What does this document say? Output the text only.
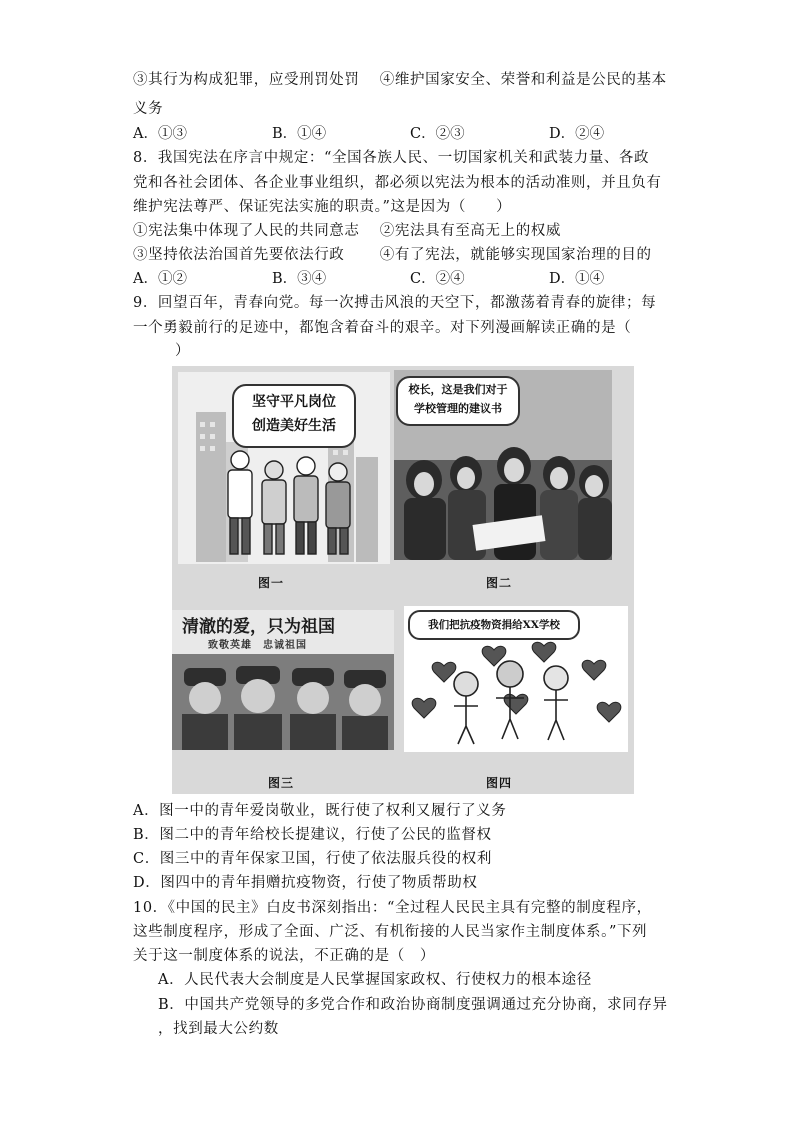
③其行为构成犯罪，应受刑罚处罚　 ④维护国家安全、荣誉和利益是公民的基本
义务
A．①③	B．①④	C．②③	D．②④
8．我国宪法在序言中规定：“全国各族人民、一切国家机关和武装力量、各政
党和各社会团体、各企业事业组织，都必须以宪法为根本的活动准则，并且负有
维护宪法尊严、保证宪法实施的职责。”这是因为（　　）
①宪法集中体现了人民的共同意志　 ②宪法具有至高无上的权威
③坚持依法治国首先要依法行政　　 ④有了宪法，就能够实现国家治理的目的
A．①②	B．③④	C．②④	D．①④
9．回望百年，青春向党。每一次搏击风浪的天空下，都激荡着青春的旋律；每
一个勇毅前行的足迹中，都饱含着奋斗的艰辛。对下列漫画解读正确的是（
）
坚守平凡岗位
创造美好生活
图一
校长，这是我们对于
学校管理的建议书
图二
清澈的爱，只为祖国
致敬英雄　忠诚祖国
图三
我们把抗疫物资捐给XX学校
图四
A．图一中的青年爱岗敬业，既行使了权利又履行了义务
B．图二中的青年给校长提建议，行使了公民的监督权
C．图三中的青年保家卫国，行使了依法服兵役的权利
D．图四中的青年捐赠抗疫物资，行使了物质帮助权
10．《中国的民主》白皮书深刻指出：“全过程人民民主具有完整的制度程序，
这些制度程序，形成了全面、广泛、有机衔接的人民当家作主制度体系。”下列
关于这一制度体系的说法，不正确的是（　）
A．人民代表大会制度是人民掌握国家政权、行使权力的根本途径
B．中国共产党领导的多党合作和政治协商制度强调通过充分协商，求同存异
，找到最大公约数
